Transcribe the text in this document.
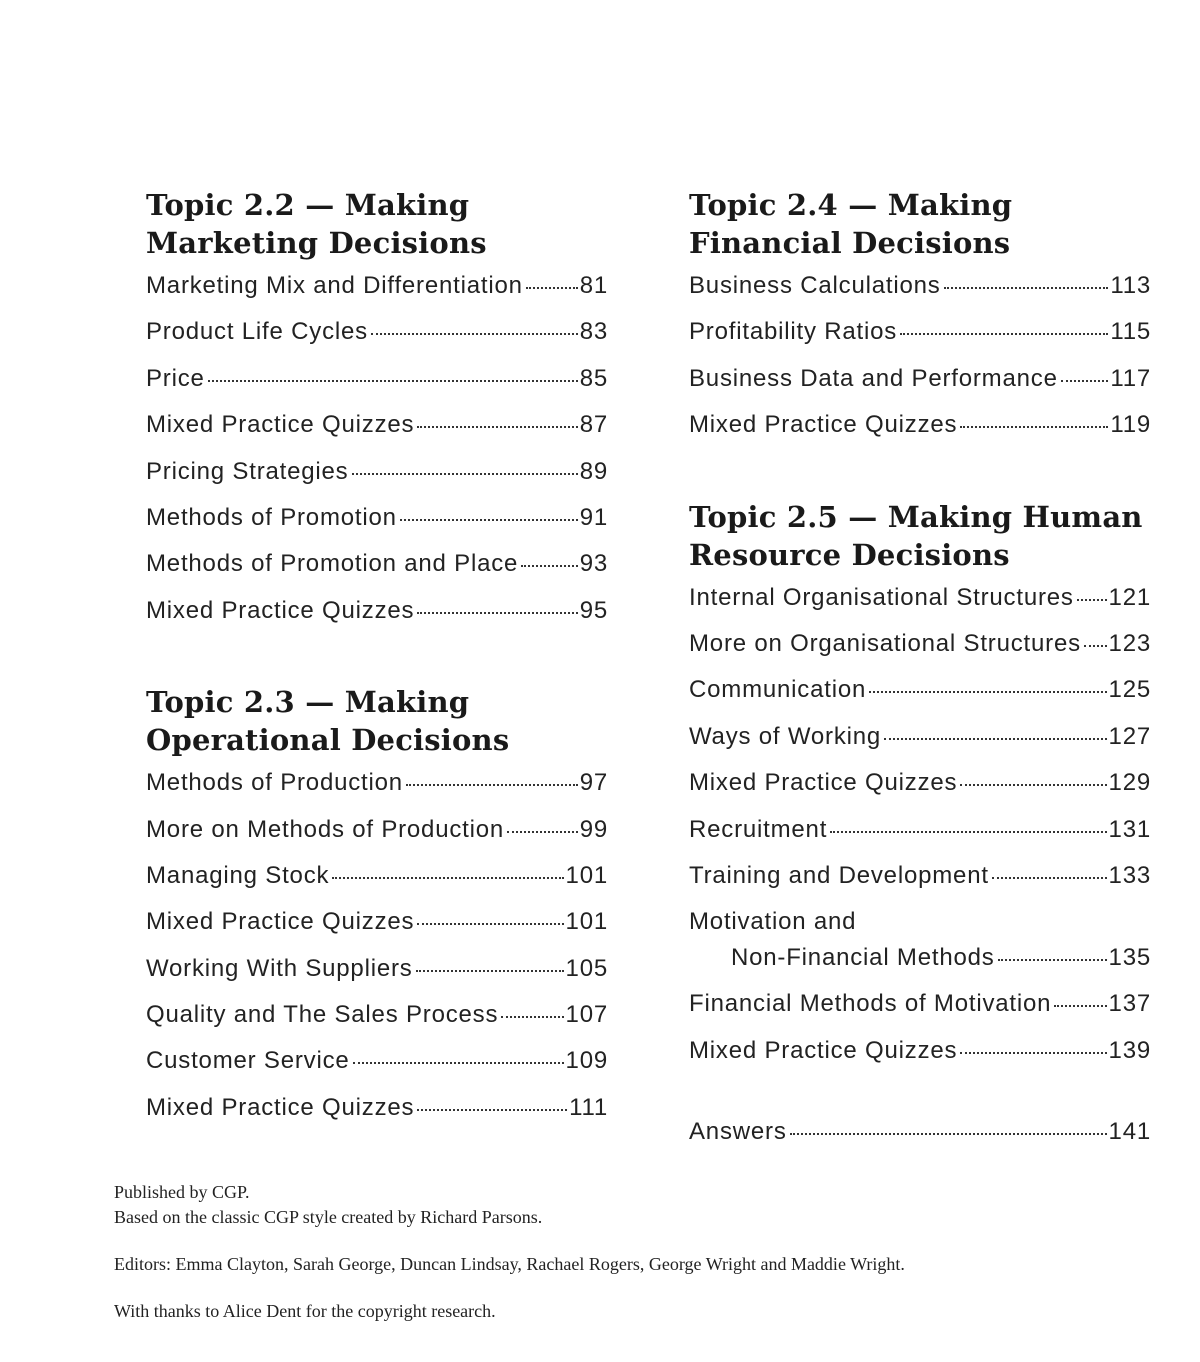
Topic 2.2 — Making
Marketing Decisions
Marketing Mix and Differentiation 81
Product Life Cycles	83
Price	85
Mixed Practice Quizzes	87
Pricing Strategies	89
Methods of Promotion	91
Methods of Promotion and Place	93
Mixed Practice Quizzes	95
Topic 2.3 — Making
Operational Decisions
Methods of Production	97
More on Methods of Production	99
Managing Stock	101
Mixed Practice Quizzes	101
Working With Suppliers	105
Quality and The Sales Process	107
Customer Service	109
Mixed Practice Quizzes	111
Topic 2.4 — Making
Financial Decisions
Business Calculations	113
Profitability Ratios	115
Business Data and Performance 117
Mixed Practice Quizzes	119
Topic 2.5 — Making Human
Resource Decisions
Internal Organisational Structures 121
More on Organisational Structures 123
Communication	125
Ways of Working	127
Mixed Practice Quizzes	129
Recruitment	131
Training and Development	133
Motivation and
Non-Financial Methods	135
Financial Methods of Motivation 137
Mixed Practice Quizzes	139
Answers	141

Published by CGP.

Based on the classic CGP style created by Richard Parsons.

Editors: Emma Clayton, Sarah George, Duncan Lindsay, Rachael Rogers, George Wright and Maddie Wright.

With thanks to Alice Dent for the copyright research.
